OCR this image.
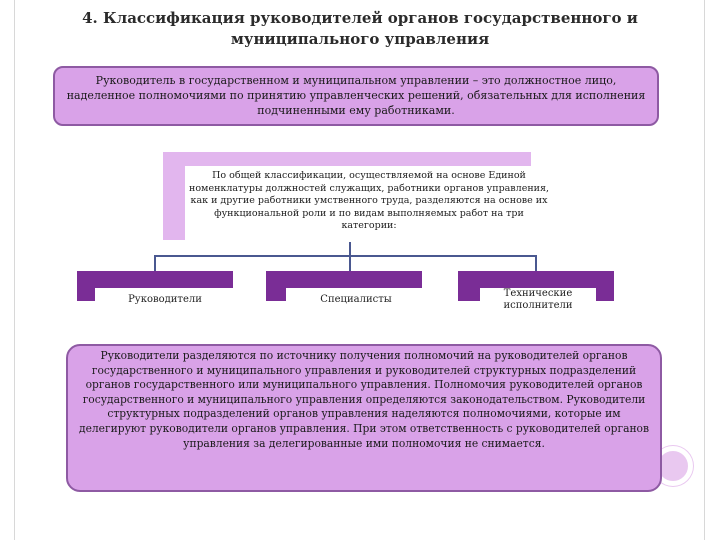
4. Классификация руководителей органов государственного и муниципального управления
Руководитель в государственном и муниципальном управлении – это должностное лицо, наделенное полномочиями по принятию управленческих решений, обязательных для исполнения подчиненными ему работниками.
По общей классификации, осуществляемой на основе Единой номенклатуры должностей служащих, работники органов управления, как и другие работники умственного труда, разделяются на основе их функциональной роли и по видам выполняемых работ на три категории:
Руководители	Специалисты
Технические исполнители
Руководители разделяются по источнику получения полномочий на руководителей органов государственного и муниципального управления и руководителей структурных подразделений органов государственного или муниципального управления. Полномочия руководителей органов государственного и муниципального управления определяются законодательством. Руководители структурных подразделений органов управления наделяются полномочиями, которые им делегируют руководители органов управления. При этом ответственность с руководителей органов управления за делегированные ими полномочия не снимается.
